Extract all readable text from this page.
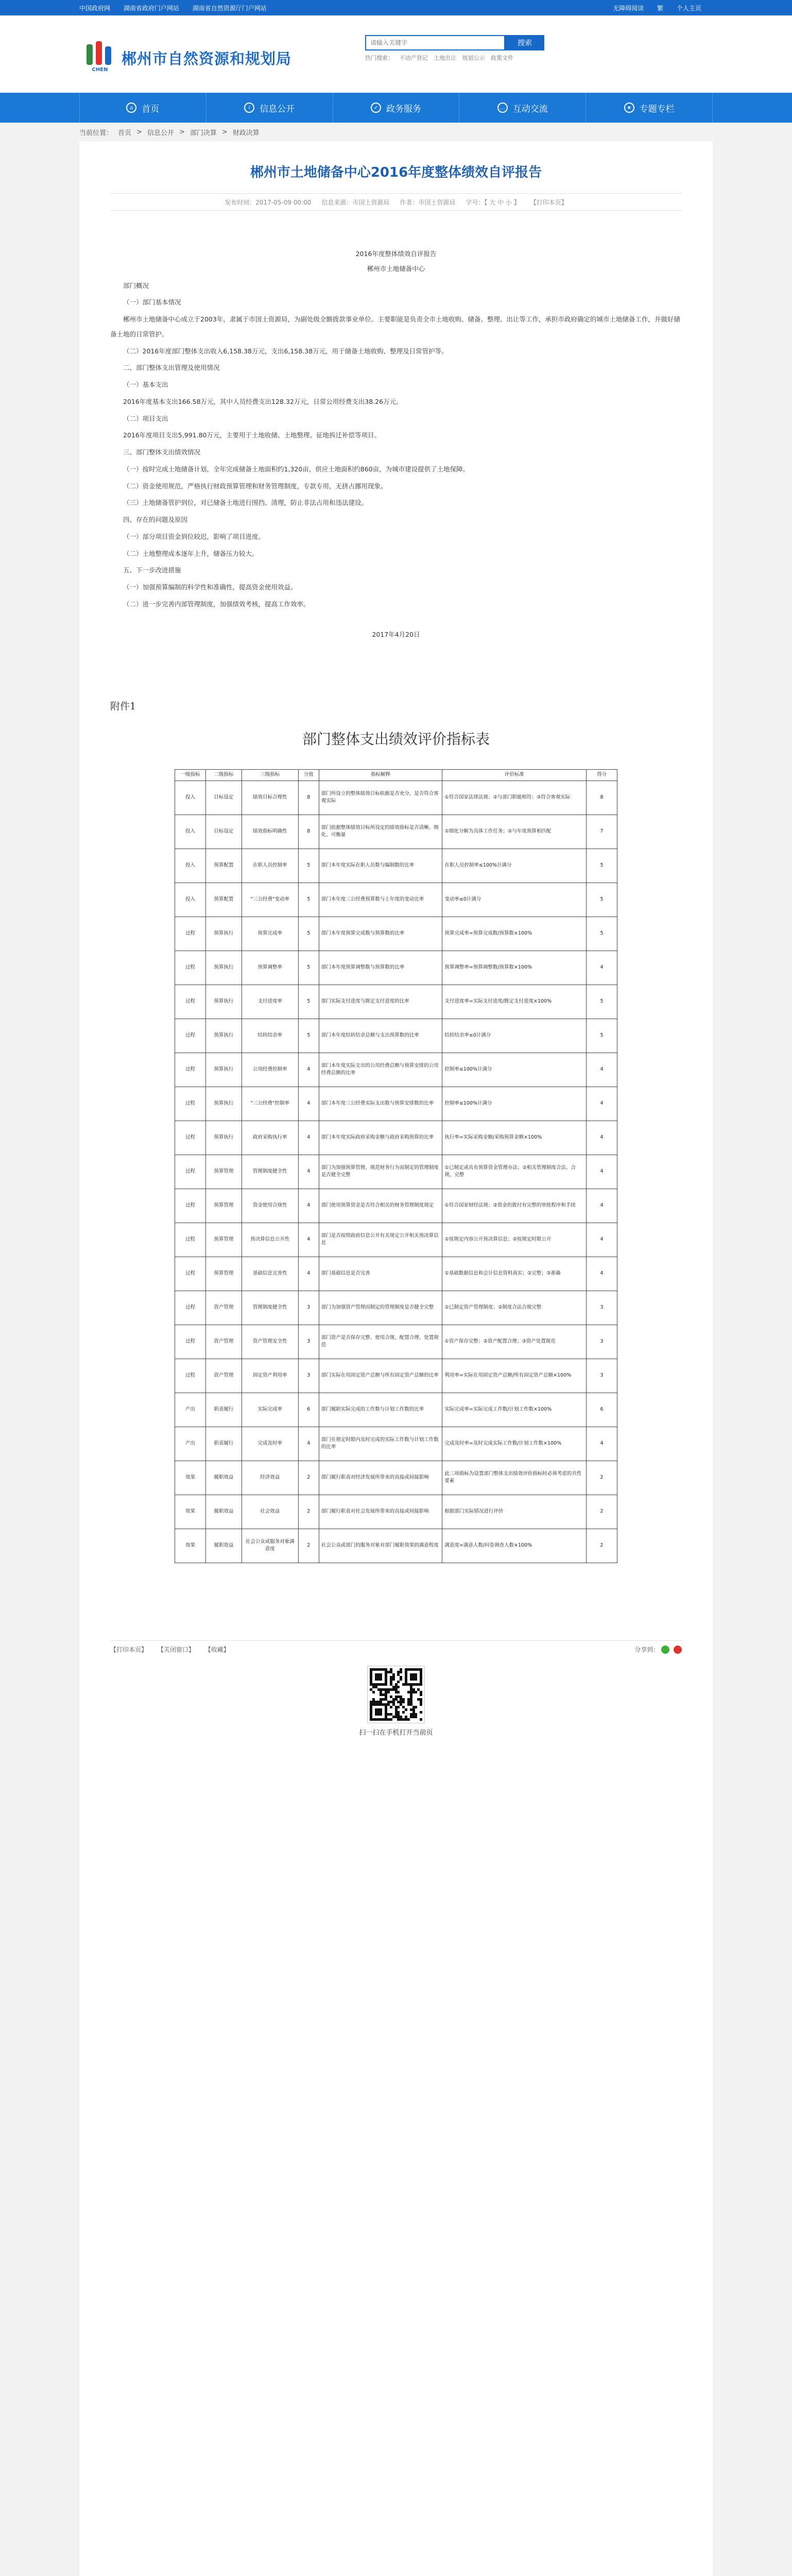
中国政府网 湖南省政府门户网站 湖南省自然资源厅门户网站	无障碍阅读 繁 个人主页
CHEN
郴州市自然资源和规划局
请输入关键字
搜索
热门搜索： 不动产登记 土地出让 规划公示 政策文件
⌂ 首页	i	信息公开	✓ 政务服务	… 互动交流	★ 专题专栏
当前位置： 首页 > 信息公开 > 部门决算 > 财政决算
郴州市土地储备中心2016年度整体绩效自评报告
发布时间：2017-05-09 00:00 信息来源：市国土资源局 作者：市国土资源局 字号：【 大 中 小 】 【打印本页】
2016年度整体绩效自评报告
郴州市土地储备中心

部门概况

（一）部门基本情况

郴州市土地储备中心成立于2003年，隶属于市国土资源局，为副处级全额拨款事业单位。主要职能是负责全市土地收购、储备、整理、出让等工作，承担市政府确定的城市土地储备工作，并做好储备土地的日常管护。

（二）2016年度部门整体支出收入6,158.38万元，支出6,158.38万元，用于储备土地收购、整理及日常管护等。

二、部门整体支出管理及使用情况

（一）基本支出

2016年度基本支出166.58万元，其中人员经费支出128.32万元，日常公用经费支出38.26万元。

（二）项目支出

2016年度项目支出5,991.80万元，主要用于土地收储、土地整理、征地拆迁补偿等项目。

三、部门整体支出绩效情况

（一）按时完成土地储备计划，全年完成储备土地面积约1,320亩，供应土地面积约860亩，为城市建设提供了土地保障。

（二）资金使用规范，严格执行财政预算管理和财务管理制度，专款专用，无挤占挪用现象。

（三）土地储备管护到位，对已储备土地进行围挡、清理，防止非法占用和违法建设。

四、存在的问题及原因

（一）部分项目资金到位较迟，影响了项目进度。

（二）土地整理成本逐年上升，储备压力较大。

五、下一步改进措施

（一）加强预算编制的科学性和准确性，提高资金使用效益。

（二）进一步完善内部管理制度，加强绩效考核，提高工作效率。

2017年4月20日
附件1
部门整体支出绩效评价指标表
一级指标	二级指标	三级指标	分值	指标解释	评价标准	得分
投入	目标设定	绩效目标合理性	8	部门所设立的整体绩效目标依据是否充分，是否符合客观实际	①符合国家法律法规；②与部门职能相符；③符合客观实际	8
投入	目标设定	绩效指标明确性	8	部门依据整体绩效目标所设定的绩效指标是否清晰、细化、可衡量	①细化分解为具体工作任务；②与年度预算相匹配	7
投入	预算配置	在职人员控制率	5	部门本年度实际在职人员数与编制数的比率	在职人员控制率≤100%计满分	5
投入	预算配置	"三公经费"变动率	5	部门本年度三公经费预算数与上年度的变动比率	变动率≤0计满分	5
过程	预算执行	预算完成率	5	部门本年度预算完成数与预算数的比率	预算完成率=预算完成数/预算数×100%	5
过程	预算执行	预算调整率	5	部门本年度预算调整数与预算数的比率	预算调整率=预算调整数/预算数×100%	4
过程	预算执行	支付进度率	5	部门实际支付进度与既定支付进度的比率	支付进度率=实际支付进度/既定支付进度×100%	5
过程	预算执行	结转结余率	5	部门本年度结转结余总额与支出预算数的比率	结转结余率≤0计满分	5
过程	预算执行	公用经费控制率	4	部门本年度实际支出的公用经费总额与预算安排的公用经费总额的比率	控制率≤100%计满分	4
过程	预算执行	"三公经费"控制率	4	部门本年度三公经费实际支出数与预算安排数的比率	控制率≤100%计满分	4
过程	预算执行	政府采购执行率	4	部门本年度实际政府采购金额与政府采购预算的比率	执行率=实际采购金额/采购预算金额×100%	4
过程	预算管理	管理制度健全性	4	部门为加强预算管理、规范财务行为而制定的管理制度是否健全完整	①已制定或具有预算资金管理办法；②相关管理制度合法、合规、完整	4
过程	预算管理	资金使用合规性	4	部门使用预算资金是否符合相关的财务管理制度规定	①符合国家财经法规；②资金的拨付有完整的审批程序和手续	4
过程	预算管理	预决算信息公开性	4	部门是否按照政府信息公开有关规定公开相关预决算信息	①按规定内容公开预决算信息；②按规定时限公开	4
过程	预算管理	基础信息完善性	4	部门基础信息是否完善	①基础数据信息和会计信息资料真实；②完整；③准确	4
过程	资产管理	管理制度健全性	3	部门为加强资产管理而制定的管理制度是否健全完整	①已制定资产管理制度；②制度合法合规完整	3
过程	资产管理	资产管理安全性	3	部门资产是否保存完整、使用合规、配置合理、处置规范	①资产保存完整；②资产配置合理；③资产处置规范	3
过程	资产管理	固定资产利用率	3	部门实际在用固定资产总额与所有固定资产总额的比率	利用率=实际在用固定资产总额/所有固定资产总额×100%	3
产出	职责履行	实际完成率	6	部门履职实际完成的工作数与计划工作数的比率	实际完成率=实际完成工作数/计划工作数×100%	6
产出	职责履行	完成及时率	4	部门在规定时限内及时完成的实际工作数与计划工作数的比率	完成及时率=及时完成实际工作数/计划工作数×100%	4
效果	履职效益	经济效益	2	部门履行职责对经济发展所带来的直接或间接影响	此三项指标为设置部门整体支出绩效评价指标时必须考虑的共性要素	2
效果	履职效益	社会效益	2	部门履行职责对社会发展所带来的直接或间接影响	根据部门实际情况进行评价	2
效果	履职效益	社会公众或服务对象满意度	2	社会公众或部门的服务对象对部门履职效果的满意程度	满意度=满意人数/问卷调查人数×100%	2
【打印本页】 【关闭窗口】 【收藏】	分享到：
扫一扫在手机打开当前页
